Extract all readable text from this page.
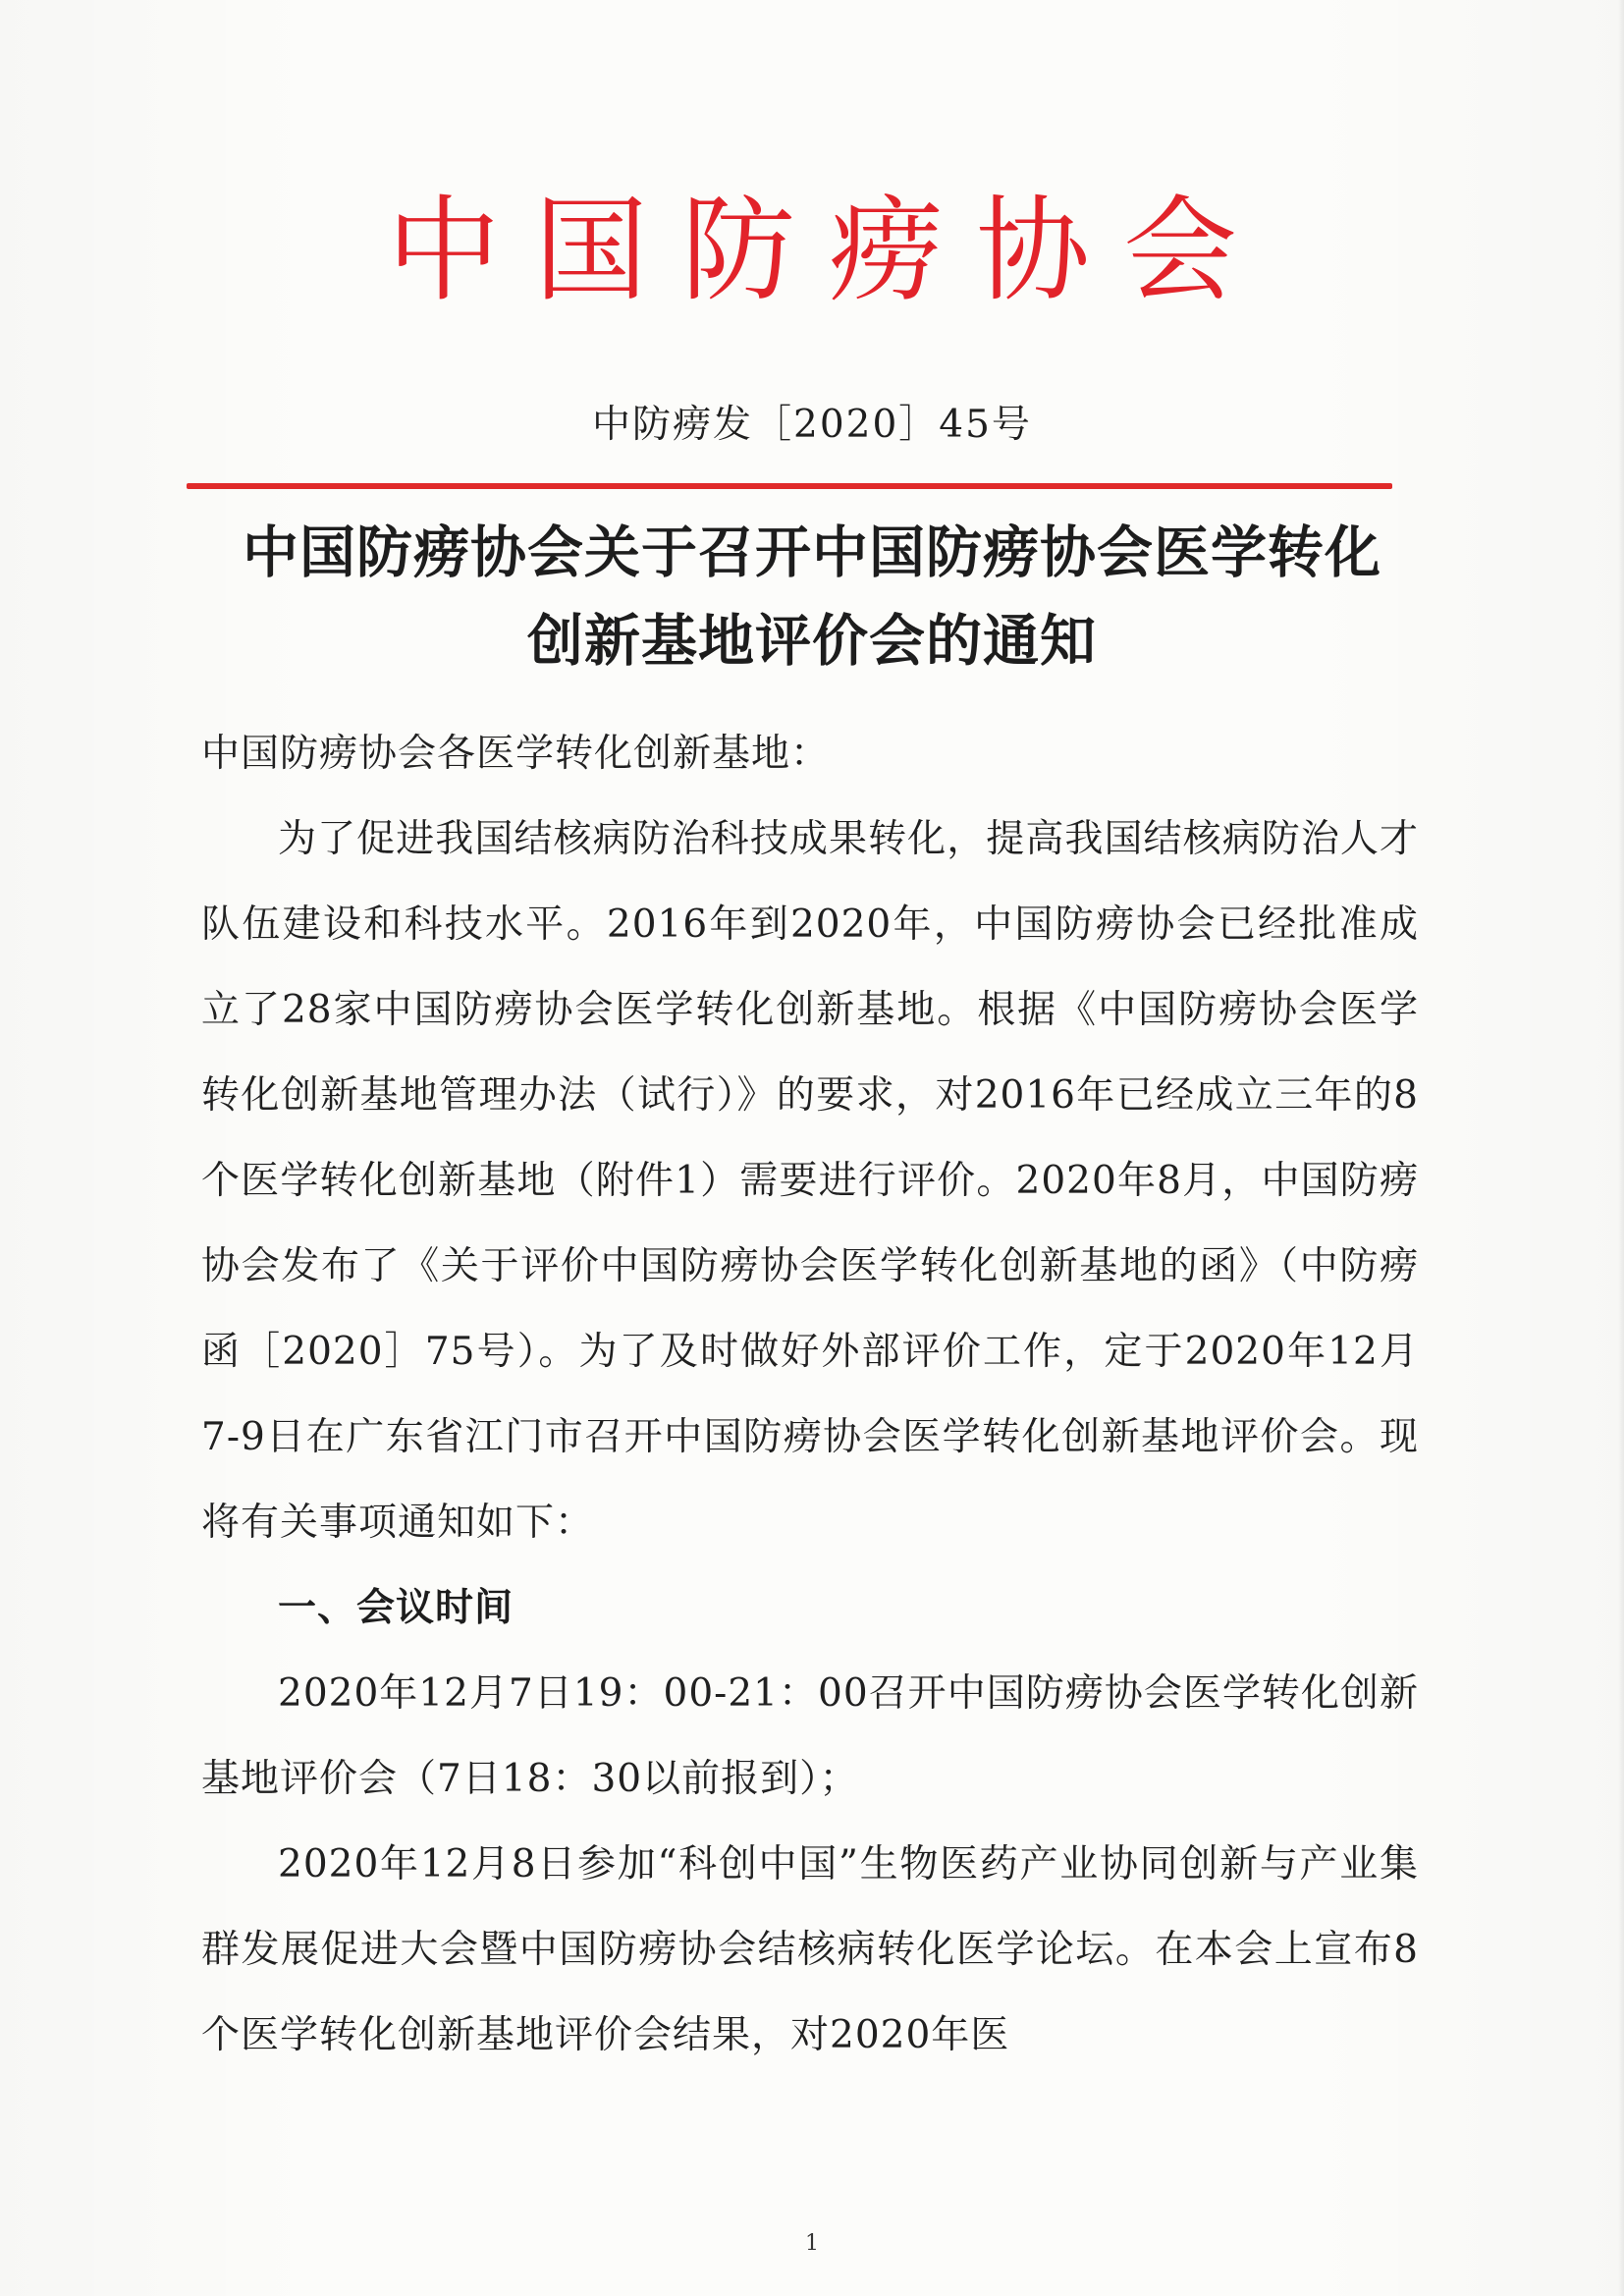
中国防痨协会
中防痨发［2020］45号
中国防痨协会关于召开中国防痨协会医学转化
创新基地评价会的通知

中国防痨协会各医学转化创新基地：

为了促进我国结核病防治科技成果转化，提高我国结核病防治人才队伍建设和科技水平。2016年到2020年，中国防痨协会已经批准成立了28家中国防痨协会医学转化创新基地。根据《中国防痨协会医学转化创新基地管理办法（试行）》的要求，对2016年已经成立三年的8个医学转化创新基地（附件1）需要进行评价。2020年8月，中国防痨协会发布了《关于评价中国防痨协会医学转化创新基地的函》（中防痨函［2020］75号）。为了及时做好外部评价工作，定于2020年12月7-9日在广东省江门市召开中国防痨协会医学转化创新基地评价会。现将有关事项通知如下：

一、会议时间

2020年12月7日19：00-21：00召开中国防痨协会医学转化创新基地评价会（7日18：30以前报到）；

2020年12月8日参加“科创中国”生物医药产业协同创新与产业集群发展促进大会暨中国防痨协会结核病转化医学论坛。在本会上宣布8个医学转化创新基地评价会结果，对2020年医

1
